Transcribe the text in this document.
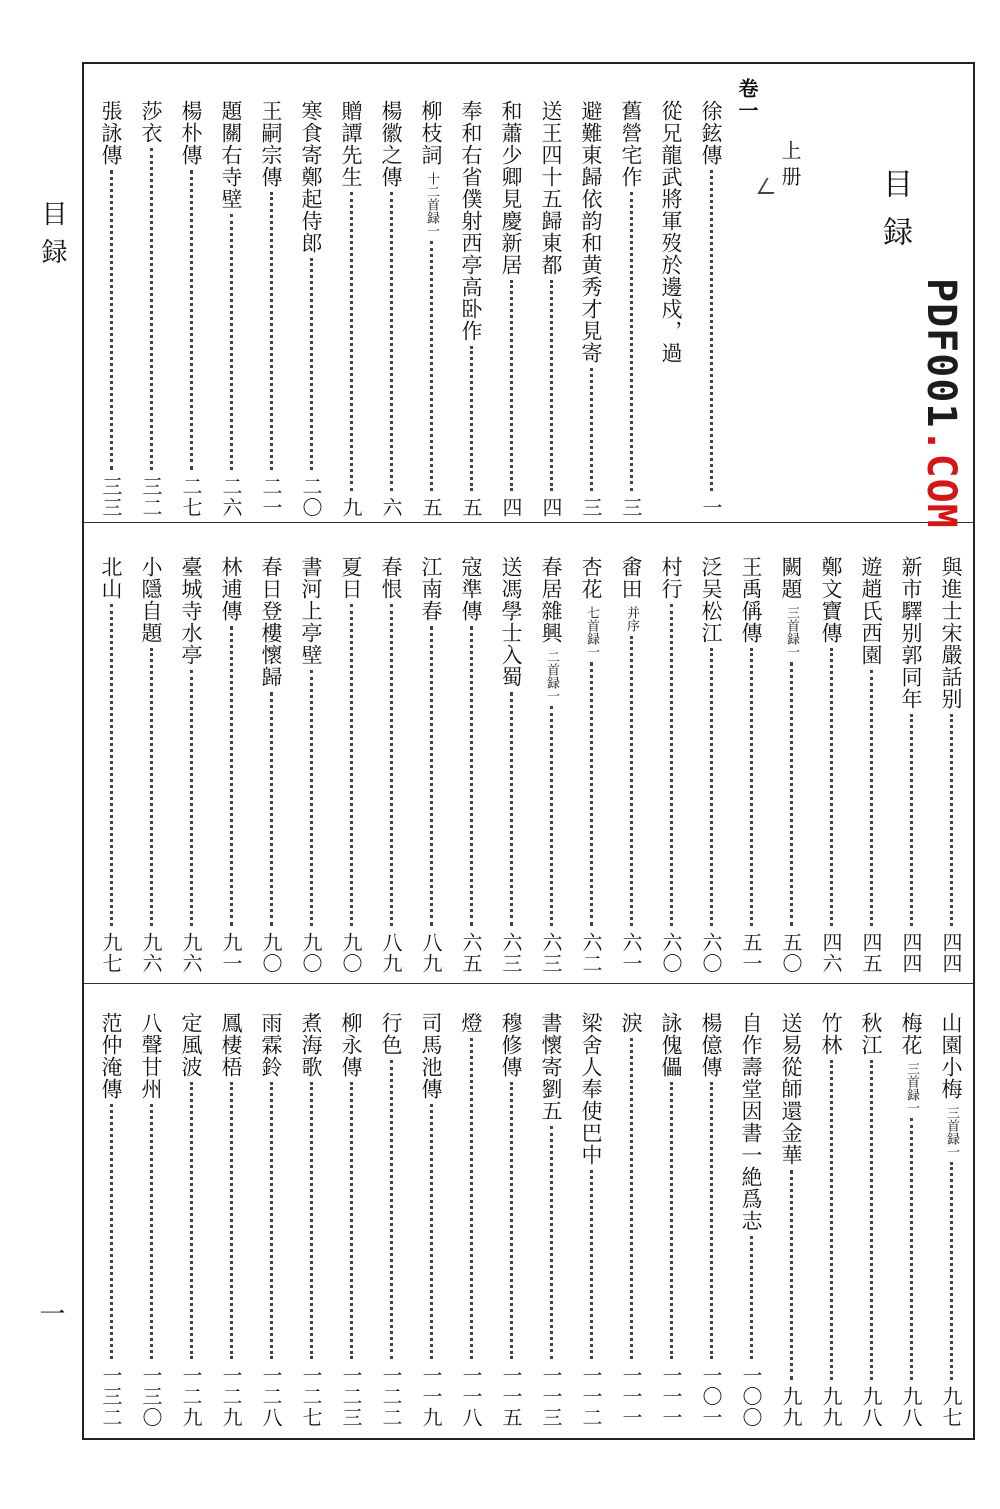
目録
一
目録
上册
卷一
PDF001.COM
徐鉉傳
一
從兄龍武將軍歿於邊戍，過
舊營宅作
三
避難東歸依韵和黄秀才見寄
三
送王四十五歸東都
四
和蕭少卿見慶新居
四
奉和右省僕射西亭高卧作
五
柳枝詞十二首録一
五
楊徽之傳
六
贈譚先生
九
寒食寄鄭起侍郎
二〇
王嗣宗傳
二一
題關右寺壁
二六
楊朴傳
二七
莎衣
三二
張詠傳
三三
與進士宋嚴話别
四四
新市驛别郭同年
四四
遊趙氏西園
四五
鄭文寶傳
四六
闕題三首録一
五〇
王禹偁傳
五一
泛吴松江
六〇
村行
六〇
畬田并序
六一
杏花七首録一
六二
春居雜興二首録一
六三
送馮學士入蜀
六三
寇準傳
六五
江南春
八九
春恨
八九
夏日
九〇
書河上亭壁
九〇
春日登樓懷歸
九〇
林逋傳
九一
臺城寺水亭
九六
小隱自題
九六
北山
九七
山園小梅三首録一
九七
梅花三首録一
九八
秋江
九八
竹林
九九
送易從師還金華
九九
自作壽堂因書一絶爲志
一〇〇
楊億傳
一〇一
詠傀儡
一一一
淚
一一一
梁舍人奉使巴中
一一二
書懷寄劉五
一一三
穆修傳
一一五
燈
一一八
司馬池傳
一一九
行色
一二二
柳永傳
一二三
煮海歌
一二七
雨霖鈴
一二八
鳳棲梧
一二九
定風波
一二九
八聲甘州
一三〇
范仲淹傳
一三二
